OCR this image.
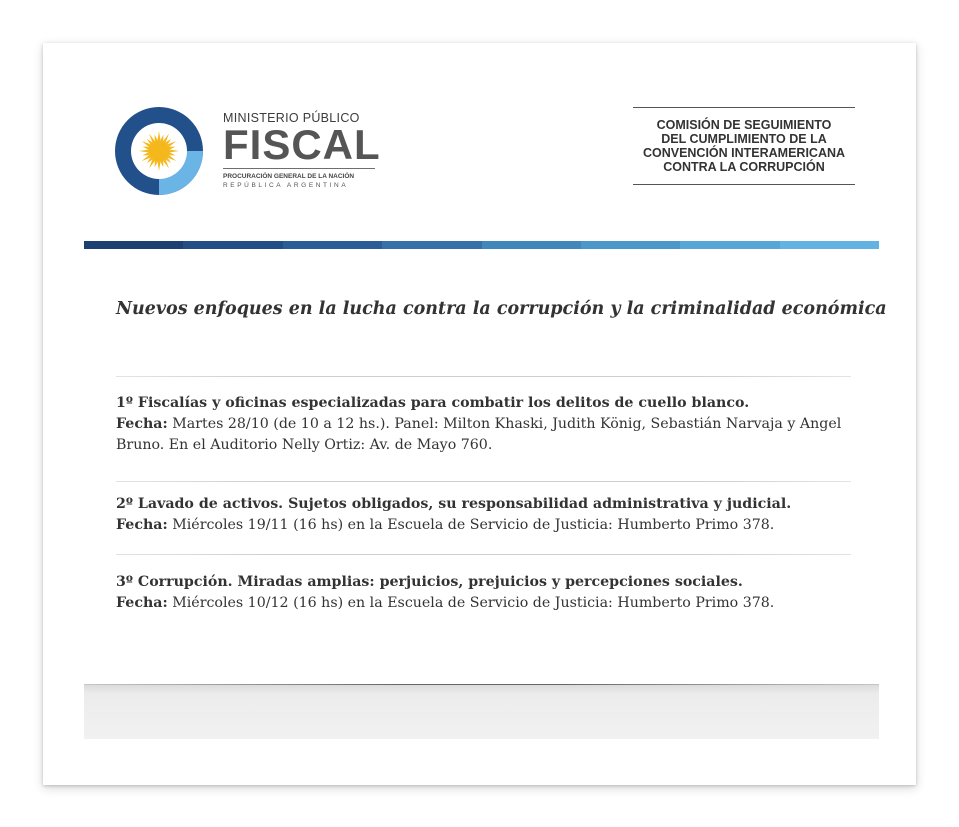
MINISTERIO PÚBLICO
FISCAL
PROCURACIÓN GENERAL DE LA NACIÓN
REPÚBLICA ARGENTINA
COMISIÓN DE SEGUIMIENTO
DEL CUMPLIMIENTO DE LA
CONVENCIÓN INTERAMERICANA
CONTRA LA CORRUPCIÓN
Nuevos enfoques en la lucha contra la corrupción y la criminalidad económica
1º Fiscalías y oficinas especializadas para combatir los delitos de cuello blanco.
Fecha: Martes 28/10 (de 10 a 12 hs.). Panel: Milton Khaski, Judith König, Sebastián Narvaja y Angel Bruno. En el Auditorio Nelly Ortiz: Av. de Mayo 760.
2º Lavado de activos. Sujetos obligados, su responsabilidad administrativa y judicial.
Fecha: Miércoles 19/11 (16 hs) en la Escuela de Servicio de Justicia: Humberto Primo 378.
3º Corrupción. Miradas amplias: perjuicios, prejuicios y percepciones sociales.
Fecha: Miércoles 10/12 (16 hs) en la Escuela de Servicio de Justicia: Humberto Primo 378.
